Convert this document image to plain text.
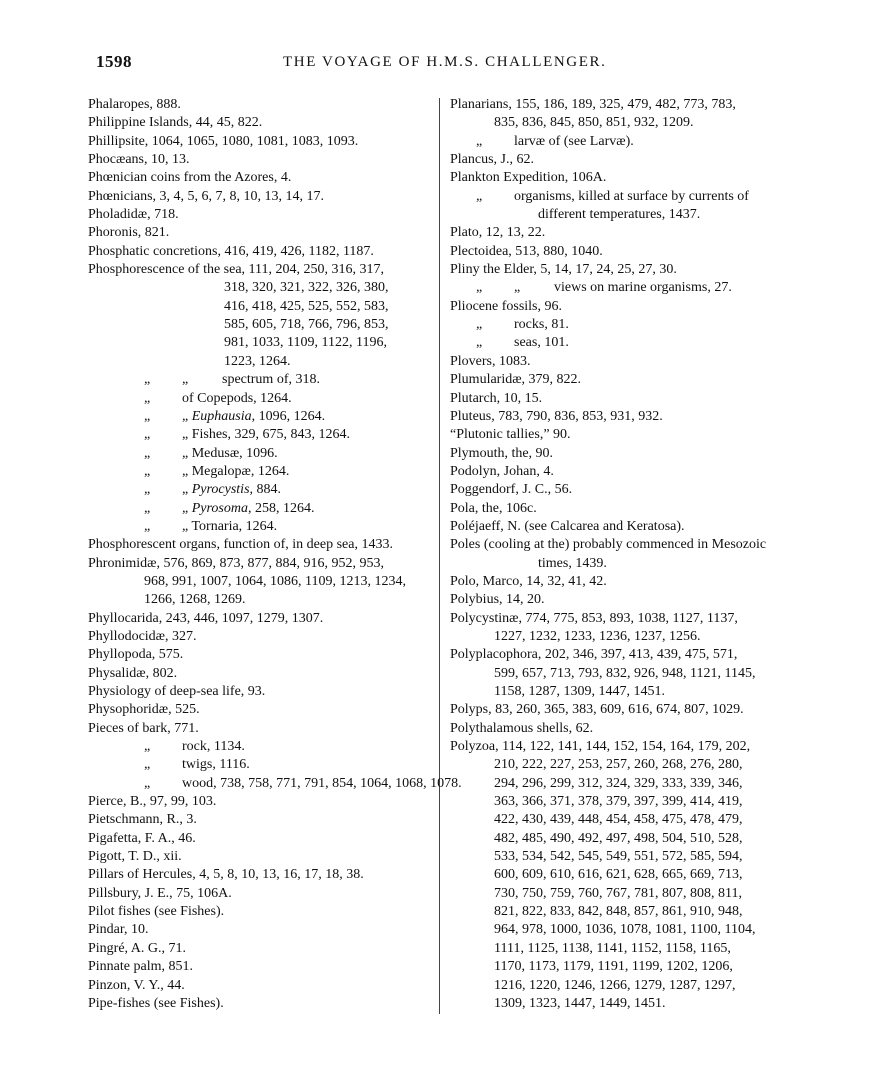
1598	THE VOYAGE OF H.M.S. CHALLENGER.
Phalaropes, 888.
Philippine Islands, 44, 45, 822.
Phillipsite, 1064, 1065, 1080, 1081, 1083, 1093.
Phocæans, 10, 13.
Phœnician coins from the Azores, 4.
Phœnicians, 3, 4, 5, 6, 7, 8, 10, 13, 14, 17.
Pholadidæ, 718.
Phoronis, 821.
Phosphatic concretions, 416, 419, 426, 1182, 1187.
Phosphorescence of the sea, 111, 204, 250, 316, 317,
318, 320, 321, 322, 326, 380,
416, 418, 425, 525, 552, 583,
585, 605, 718, 766, 796, 853,
981, 1033, 1109, 1122, 1196,
1223, 1264.
„ „ spectrum of, 318.
„ of Copepods, 1264.
„ „ Euphausia, 1096, 1264.
„ „ Fishes, 329, 675, 843, 1264.
„ „ Medusæ, 1096.
„ „ Megalopæ, 1264.
„ „ Pyrocystis, 884.
„ „ Pyrosoma, 258, 1264.
„ „ Tornaria, 1264.
Phosphorescent organs, function of, in deep sea, 1433.
Phronimidæ, 576, 869, 873, 877, 884, 916, 952, 953,
968, 991, 1007, 1064, 1086, 1109, 1213, 1234,
1266, 1268, 1269.
Phyllocarida, 243, 446, 1097, 1279, 1307.
Phyllodocidæ, 327.
Phyllopoda, 575.
Physalidæ, 802.
Physiology of deep-sea life, 93.
Physophoridæ, 525.
Pieces of bark, 771.
„ rock, 1134.
„ twigs, 1116.
„ wood, 738, 758, 771, 791, 854, 1064, 1068, 1078.
Pierce, B., 97, 99, 103.
Pietschmann, R., 3.
Pigafetta, F. A., 46.
Pigott, T. D., xii.
Pillars of Hercules, 4, 5, 8, 10, 13, 16, 17, 18, 38.
Pillsbury, J. E., 75, 106A.
Pilot fishes (see Fishes).
Pindar, 10.
Pingré, A. G., 71.
Pinnate palm, 851.
Pinzon, V. Y., 44.
Pipe-fishes (see Fishes).
Planarians, 155, 186, 189, 325, 479, 482, 773, 783,
835, 836, 845, 850, 851, 932, 1209.
„ larvæ of (see Larvæ).
Plancus, J., 62.
Plankton Expedition, 106A.
„ organisms, killed at surface by currents of
different temperatures, 1437.
Plato, 12, 13, 22.
Plectoidea, 513, 880, 1040.
Pliny the Elder, 5, 14, 17, 24, 25, 27, 30.
„ „ views on marine organisms, 27.
Pliocene fossils, 96.
„ rocks, 81.
„ seas, 101.
Plovers, 1083.
Plumularidæ, 379, 822.
Plutarch, 10, 15.
Pluteus, 783, 790, 836, 853, 931, 932.
“Plutonic tallies,” 90.
Plymouth, the, 90.
Podolyn, Johan, 4.
Poggendorf, J. C., 56.
Pola, the, 106c.
Poléjaeff, N. (see Calcarea and Keratosa).
Poles (cooling at the) probably commenced in Mesozoic
times, 1439.
Polo, Marco, 14, 32, 41, 42.
Polybius, 14, 20.
Polycystinæ, 774, 775, 853, 893, 1038, 1127, 1137,
1227, 1232, 1233, 1236, 1237, 1256.
Polyplacophora, 202, 346, 397, 413, 439, 475, 571,
599, 657, 713, 793, 832, 926, 948, 1121, 1145,
1158, 1287, 1309, 1447, 1451.
Polyps, 83, 260, 365, 383, 609, 616, 674, 807, 1029.
Polythalamous shells, 62.
Polyzoa, 114, 122, 141, 144, 152, 154, 164, 179, 202,
210, 222, 227, 253, 257, 260, 268, 276, 280,
294, 296, 299, 312, 324, 329, 333, 339, 346,
363, 366, 371, 378, 379, 397, 399, 414, 419,
422, 430, 439, 448, 454, 458, 475, 478, 479,
482, 485, 490, 492, 497, 498, 504, 510, 528,
533, 534, 542, 545, 549, 551, 572, 585, 594,
600, 609, 610, 616, 621, 628, 665, 669, 713,
730, 750, 759, 760, 767, 781, 807, 808, 811,
821, 822, 833, 842, 848, 857, 861, 910, 948,
964, 978, 1000, 1036, 1078, 1081, 1100, 1104,
1111, 1125, 1138, 1141, 1152, 1158, 1165,
1170, 1173, 1179, 1191, 1199, 1202, 1206,
1216, 1220, 1246, 1266, 1279, 1287, 1297,
1309, 1323, 1447, 1449, 1451.
